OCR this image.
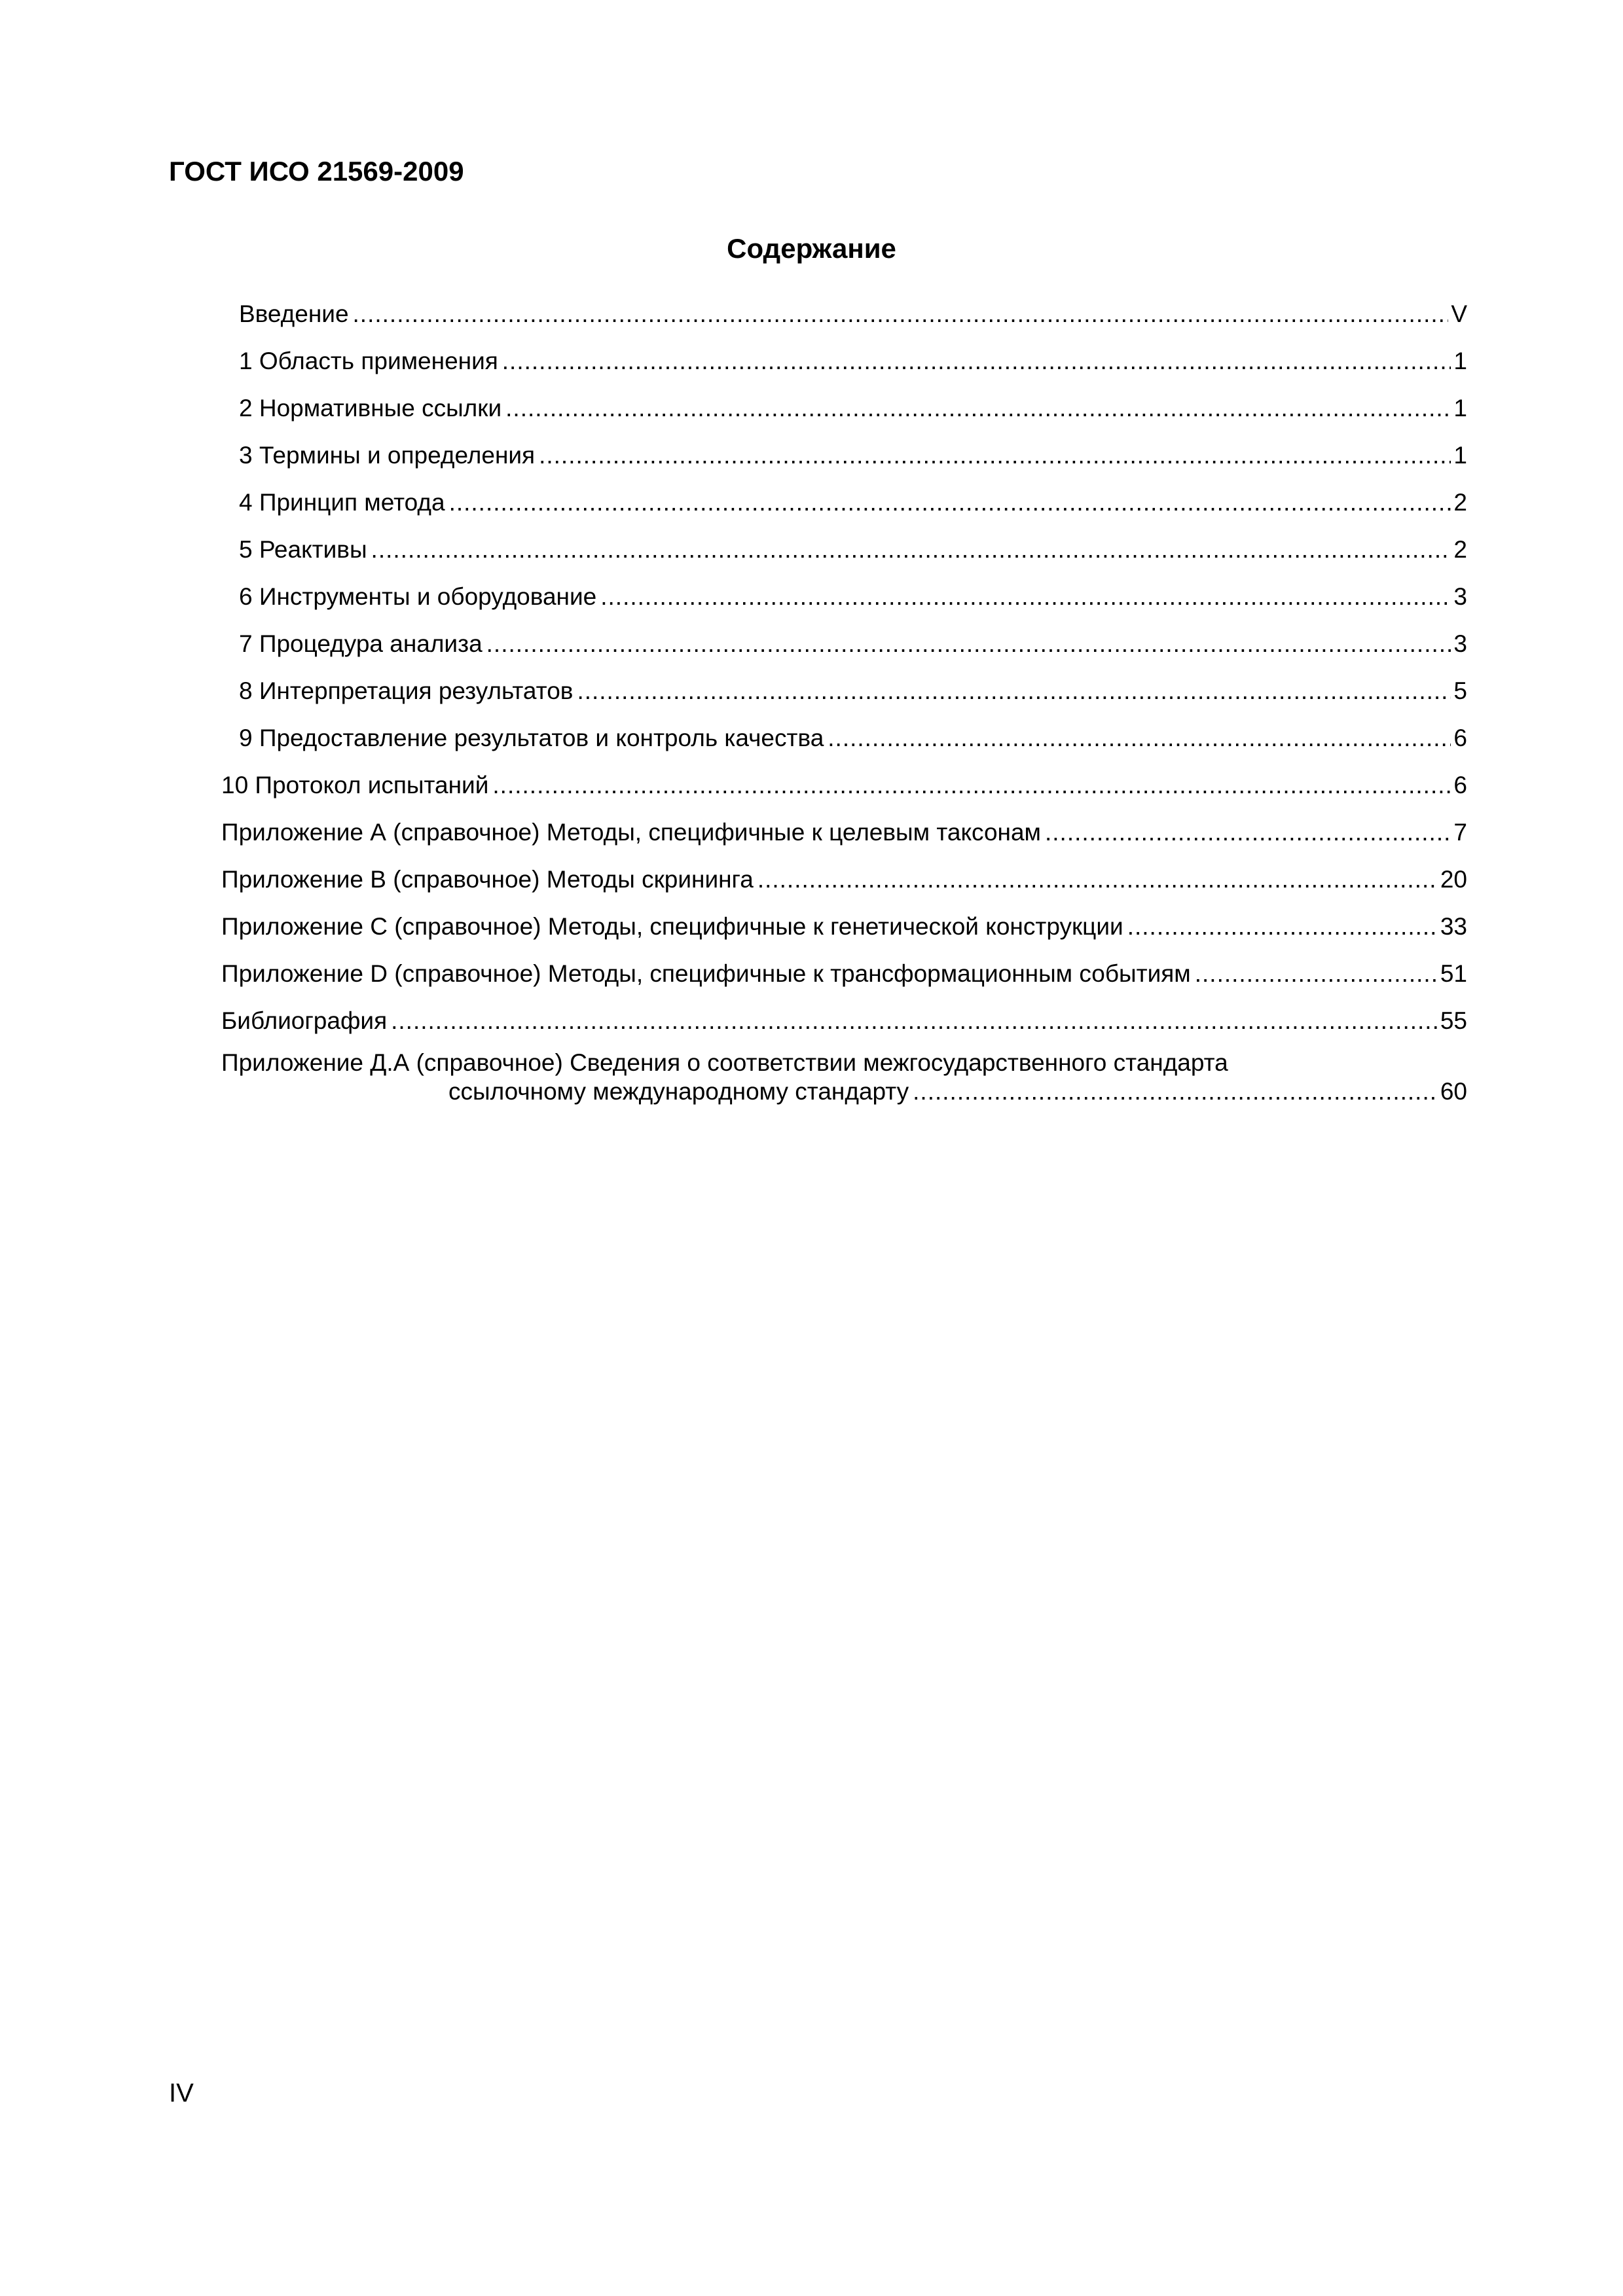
ГОСТ ИСО 21569-2009
Содержание
Введение .....	V
1 Область применения .....	1
2 Нормативные ссылки .....	1
3 Термины и определения .....	1
4 Принцип метода .....	2
5 Реактивы .....	2
6 Инструменты и оборудование .....	3
7 Процедура анализа .....	3
8 Интерпретация результатов .....	5
9 Предоставление результатов и контроль качества .....	6
10 Протокол испытаний .....	6
Приложение А (справочное) Методы, специфичные к целевым таксонам .....	7
Приложение В (справочное) Методы скрининга .....	20
Приложение С (справочное) Методы, специфичные к генетической конструкции .....	33
Приложение D (справочное) Методы, специфичные к трансформационным событиям .....	51
Библиография .....	55
Приложение Д.А (справочное) Сведения о соответствии межгосударственного стандарта
ссылочному международному стандарту .....	60
IV
